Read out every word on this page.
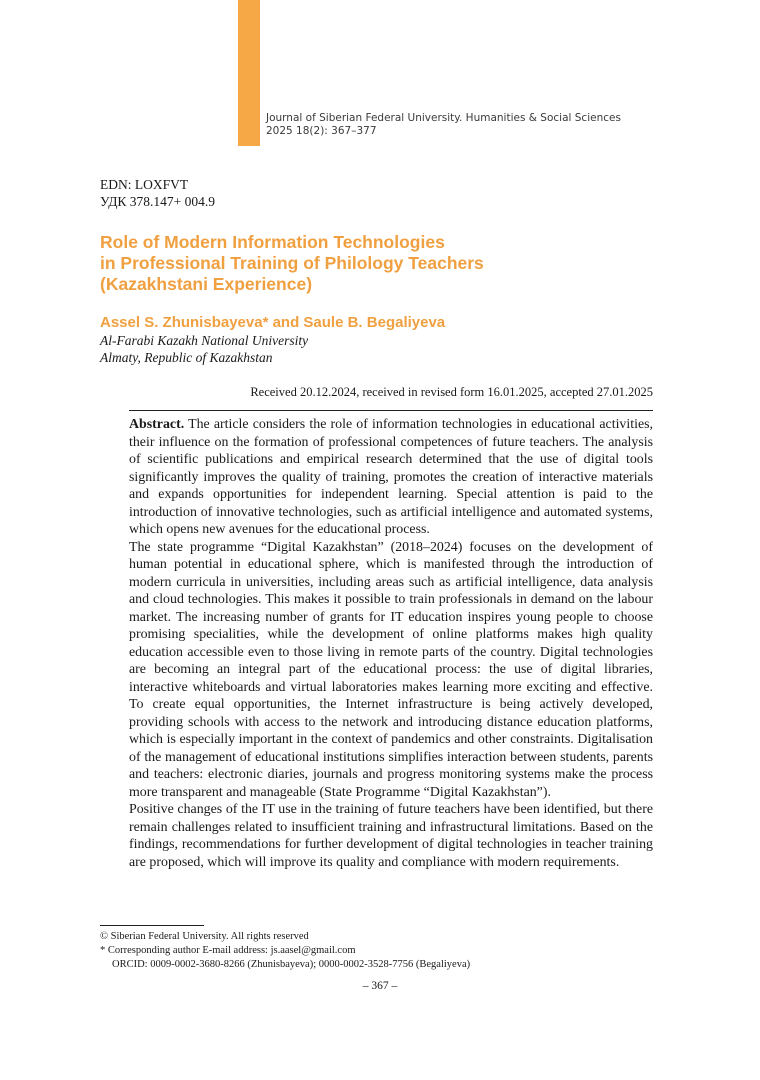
Journal of Siberian Federal University. Humanities & Social Sciences
2025 18(2): 367–377
EDN: LOXFVT
УДК 378.147+ 004.9
Role of Modern Information Technologies
in Professional Training of Philology Teachers
(Kazakhstani Experience)
Assel S. Zhunisbayeva* and Saule B. Begaliyeva
Al-Farabi Kazakh National University
Almaty, Republic of Kazakhstan
Received 20.12.2024, received in revised form 16.01.2025, accepted 27.01.2025

Abstract. The article considers the role of information technologies in educational activities, their influence on the formation of professional competences of future teachers. The analysis of scientific publications and empirical research determined that the use of digital tools significantly improves the quality of training, promotes the creation of interactive materials and expands opportunities for independent learning. Special attention is paid to the introduction of innovative technologies, such as artificial intelligence and automated systems, which opens new avenues for the educational process.

The state programme “Digital Kazakhstan” (2018–2024) focuses on the development of human potential in educational sphere, which is manifested through the introduction of modern curricula in universities, including areas such as artificial intelligence, data analysis and cloud technologies. This makes it possible to train professionals in demand on the labour market. The increasing number of grants for IT education inspires young people to choose promising specialities, while the development of online platforms makes high quality education accessible even to those living in remote parts of the country. Digital technologies are becoming an integral part of the educational process: the use of digital libraries, interactive whiteboards and virtual laboratories makes learning more exciting and effective. To create equal opportunities, the Internet infrastructure is being actively developed, providing schools with access to the network and introducing distance education platforms, which is especially important in the context of pandemics and other constraints. Digitalisation of the management of educational institutions simplifies interaction between students, parents and teachers: electronic diaries, journals and progress monitoring systems make the process more transparent and manageable (State Programme “Digital Kazakhstan”).

Positive changes of the IT use in the training of future teachers have been identified, but there remain challenges related to insufficient training and infrastructural limitations. Based on the findings, recommendations for further development of digital technologies in teacher training are proposed, which will improve its quality and compliance with modern requirements.

© Siberian Federal University. All rights reserved
* Corresponding author E-mail address: js.aasel@gmail.com
ORCID: 0009-0002-3680-8266 (Zhunisbayeva); 0000-0002-3528-7756 (Begaliyeva)
– 367 –
